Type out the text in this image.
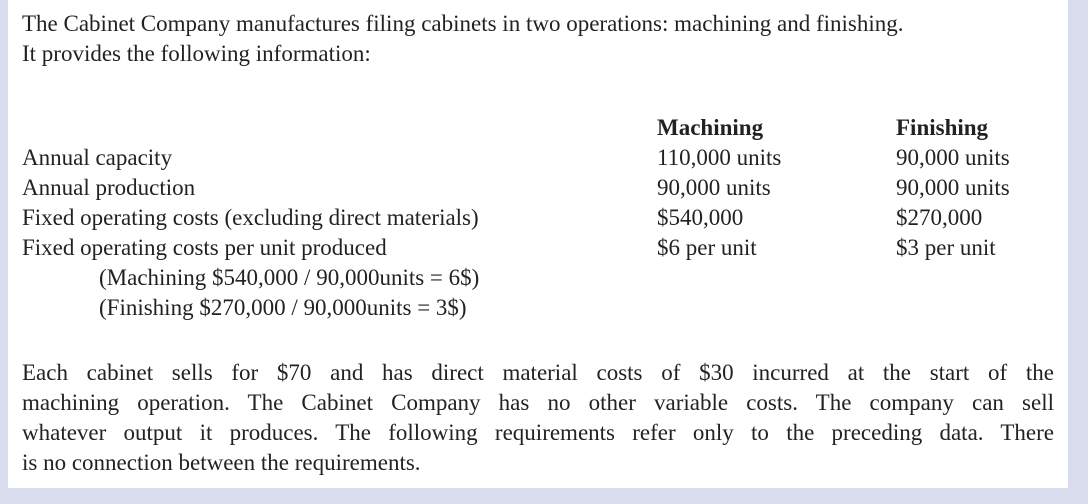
The Cabinet Company manufactures filing cabinets in two operations: machining and finishing.
It provides the following information:
Annual capacity
Annual production
Fixed operating costs (excluding direct materials)
Fixed operating costs per unit produced
(Machining $540,000 / 90,000units = 6$)
(Finishing $270,000 / 90,000units = 3$)
Machining
110,000 units
90,000 units
$540,000
$6 per unit
Finishing
90,000 units
90,000 units
$270,000
$3 per unit
Each cabinet sells for $70 and has direct material costs of $30 incurred at the start of the
machining operation. The Cabinet Company has no other variable costs. The company can sell
whatever output it produces. The following requirements refer only to the preceding data. There
is no connection between the requirements.
